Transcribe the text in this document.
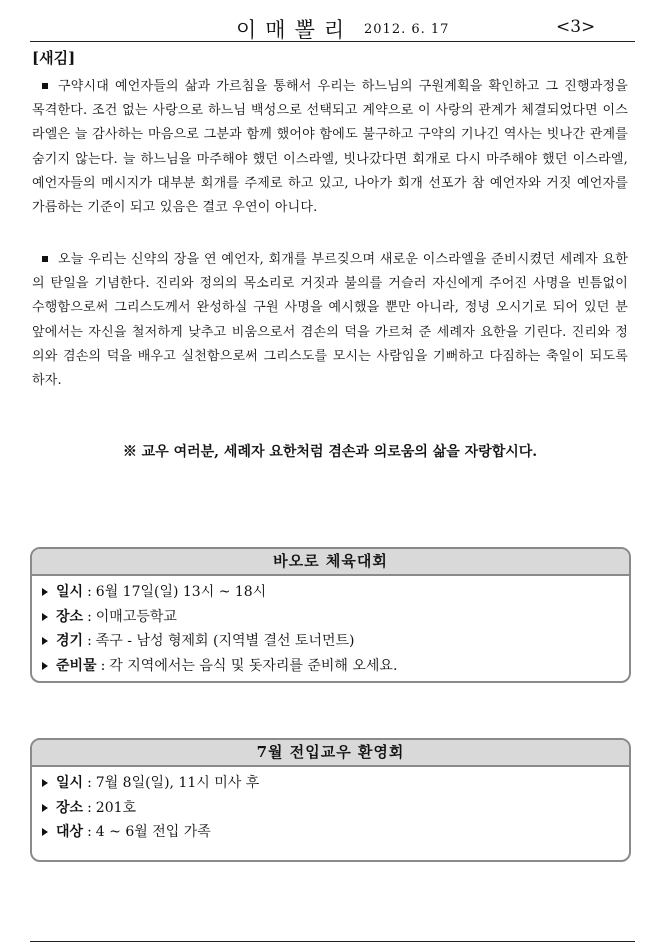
이매뽈리 2012. 6. 17	<3>
[새김]
구약시대 예언자들의 삶과 가르침을 통해서 우리는 하느님의 구원계획을 확인하고 그 진행과정을 목격한다. 조건 없는 사랑으로 하느님 백성으로 선택되고 계약으로 이 사랑의 관계가 체결되었다면 이스라엘은 늘 감사하는 마음으로 그분과 함께 했어야 함에도 불구하고 구약의 기나긴 역사는 빗나간 관계를 숨기지 않는다. 늘 하느님을 마주해야 했던 이스라엘, 빗나갔다면 회개로 다시 마주해야 했던 이스라엘, 예언자들의 메시지가 대부분 회개를 주제로 하고 있고, 나아가 회개 선포가 참 예언자와 거짓 예언자를 가름하는 기준이 되고 있음은 결코 우연이 아니다.
오늘 우리는 신약의 장을 연 예언자, 회개를 부르짖으며 새로운 이스라엘을 준비시켰던 세례자 요한의 탄일을 기념한다. 진리와 정의의 목소리로 거짓과 불의를 거슬러 자신에게 주어진 사명을 빈틈없이 수행함으로써 그리스도께서 완성하실 구원 사명을 예시했을 뿐만 아니라, 정녕 오시기로 되어 있던 분 앞에서는 자신을 철저하게 낮추고 비움으로서 겸손의 덕을 가르쳐 준 세례자 요한을 기린다. 진리와 정의와 겸손의 덕을 배우고 실천함으로써 그리스도를 모시는 사람임을 기뻐하고 다짐하는 축일이 되도록 하자.
※ 교우 여러분, 세례자 요한처럼 겸손과 의로움의 삶을 자랑합시다.
바오로 체육대회
일시 : 6월 17일(일) 13시 ~ 18시
장소 : 이매고등학교
경기 : 족구 - 남성 형제회 (지역별 결선 토너먼트)
준비물 : 각 지역에서는 음식 및 돗자리를 준비해 오세요.
7월 전입교우 환영회
일시 : 7월 8일(일), 11시 미사 후
장소 : 201호
대상 : 4 ~ 6월 전입 가족
